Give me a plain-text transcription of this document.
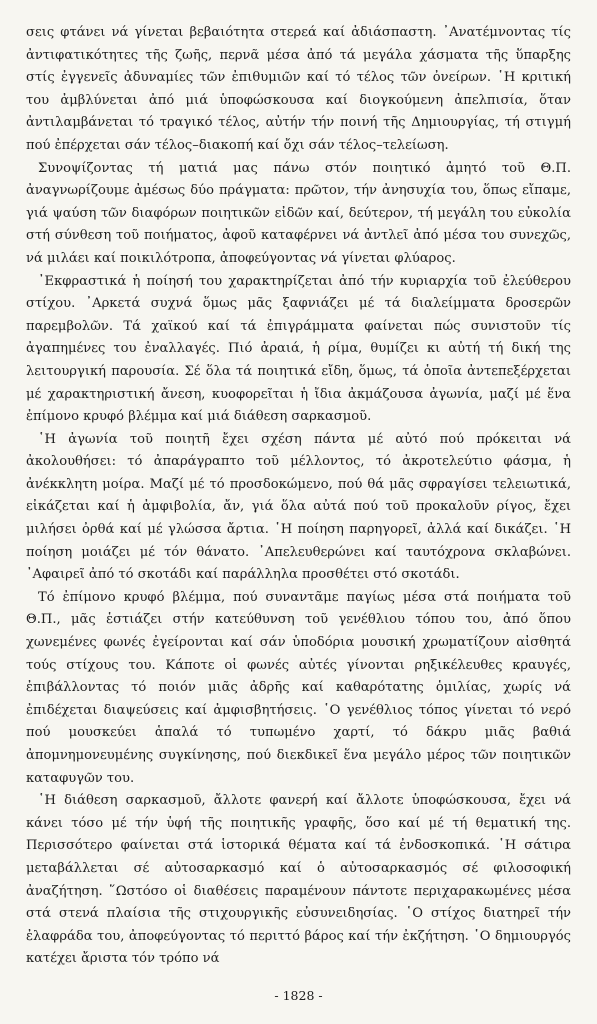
σεις φτάνει νά γίνεται βεβαιότητα στερεά καί ἀδιάσπαστη. ᾿Ανατέμνοντας τίς ἀντιφατικότητες τῆς ζωῆς, περνᾶ μέσα ἀπό τά μεγάλα χάσματα τῆς ὕπαρξης στίς ἐγγενεῖς ἀδυναμίες τῶν ἐπιθυμιῶν καί τό τέλος τῶν ὀνείρων. ῾Η κριτική του ἀμβλύνεται ἀπό μιά ὑποφώσκουσα καί διογκούμενη ἀπελπισία, ὅταν ἀντιλαμβάνεται τό τραγικό τέλος, αὐτήν τήν ποινή τῆς Δημιουργίας, τή στιγμή πού ἐπέρχεται σάν τέλος–διακοπή καί ὄχι σάν τέλος–τελείωση.

Συνοψίζοντας τή ματιά μας πάνω στόν ποιητικό ἀμητό τοῦ Θ.Π. ἀναγνωρίζουμε ἀμέσως δύο πράγματα: πρῶτον, τήν ἀνησυχία του, ὅπως εἴπαμε, γιά ψαύση τῶν διαφόρων ποιητικῶν εἰδῶν καί, δεύτερον, τή μεγάλη του εὐκολία στή σύνθεση τοῦ ποιήματος, ἀφοῦ καταφέρνει νά ἀντλεῖ ἀπό μέσα του συνεχῶς, νά μιλάει καί ποικιλότροπα, ἀποφεύγοντας νά γίνεται φλύαρος.

᾿Εκφραστικά ἡ ποίησή του χαρακτηρίζεται ἀπό τήν κυριαρχία τοῦ ἐλεύθερου στίχου. ᾿Αρκετά συχνά ὅμως μᾶς ξαφνιάζει μέ τά διαλείμματα δροσερῶν παρεμβολῶν. Τά χαϊκού καί τά ἐπιγράμματα φαίνεται πώς συνιστοῦν τίς ἀγαπημένες του ἐναλλαγές. Πιό ἀραιά, ἡ ρίμα, θυμίζει κι αὐτή τή δική της λειτουργική παρουσία. Σέ ὅλα τά ποιητικά εἴδη, ὅμως, τά ὁποῖα ἀντεπεξέρχεται μέ χαρακτηριστική ἄνεση, κυοφορεῖται ἡ ἴδια ἀκμάζουσα ἀγωνία, μαζί μέ ἕνα ἐπίμονο κρυφό βλέμμα καί μιά διάθεση σαρκασμοῦ.

῾Η ἀγωνία τοῦ ποιητῆ ἔχει σχέση πάντα μέ αὐτό πού πρόκειται νά ἀκολουθήσει: τό ἀπαράγραπτο τοῦ μέλλοντος, τό ἀκροτελεύτιο φάσμα, ἡ ἀνέκκλητη μοίρα. Μαζί μέ τό προσδοκώμενο, πού θά μᾶς σφραγίσει τελειωτικά, εἰκάζεται καί ἡ ἀμφιβολία, ἄν, γιά ὅλα αὐτά πού τοῦ προκαλοῦν ρίγος, ἔχει μιλήσει ὀρθά καί μέ γλώσσα ἄρτια. ῾Η ποίηση παρηγορεῖ, ἀλλά καί δικάζει. ῾Η ποίηση μοιάζει μέ τόν θάνατο. ᾿Απελευθερώνει καί ταυτόχρονα σκλαβώνει. ᾿Αφαιρεῖ ἀπό τό σκοτάδι καί παράλληλα προσθέτει στό σκοτάδι.

Τό ἐπίμονο κρυφό βλέμμα, πού συναντᾶμε παγίως μέσα στά ποιήματα τοῦ Θ.Π., μᾶς ἑστιάζει στήν κατεύθυνση τοῦ γενέθλιου τόπου του, ἀπό ὅπου χωνεμένες φωνές ἐγείρονται καί σάν ὑποδόρια μουσική χρωματίζουν αἰσθητά τούς στίχους του. Κάποτε οἱ φωνές αὐτές γίνονται ρηξικέλευθες κραυγές, ἐπιβάλλοντας τό ποιόν μιᾶς ἀδρῆς καί καθαρότατης ὁμιλίας, χωρίς νά ἐπιδέχεται διαψεύσεις καί ἀμφισβητήσεις. ῾Ο γενέθλιος τόπος γίνεται τό νερό πού μουσκεύει ἁπαλά τό τυπωμένο χαρτί, τό δάκρυ μιᾶς βαθιά ἀπομνημονευμένης συγκίνησης, πού διεκδικεῖ ἕνα μεγάλο μέρος τῶν ποιητικῶν καταφυγῶν του.

῾Η διάθεση σαρκασμοῦ, ἄλλοτε φανερή καί ἄλλοτε ὑποφώσκουσα, ἔχει νά κάνει τόσο μέ τήν ὑφή τῆς ποιητικῆς γραφῆς, ὅσο καί μέ τή θεματική της. Περισσότερο φαίνεται στά ἱστορικά θέματα καί τά ἐνδοσκοπικά. ῾Η σάτιρα μεταβάλλεται σέ αὐτοσαρκασμό καί ὁ αὐτοσαρκασμός σέ φιλοσοφική ἀναζήτηση. ῞Ωστόσο οἱ διαθέσεις παραμένουν πάντοτε περιχαρακωμένες μέσα στά στενά πλαίσια τῆς στιχουργικῆς εὐσυνειδησίας. ῾Ο στίχος διατηρεῖ τήν ἐλαφράδα του, ἀποφεύγοντας τό περιττό βάρος καί τήν ἐκζήτηση. ῾Ο δημιουργός κατέχει ἄριστα τόν τρόπο νά

- 1828 -
